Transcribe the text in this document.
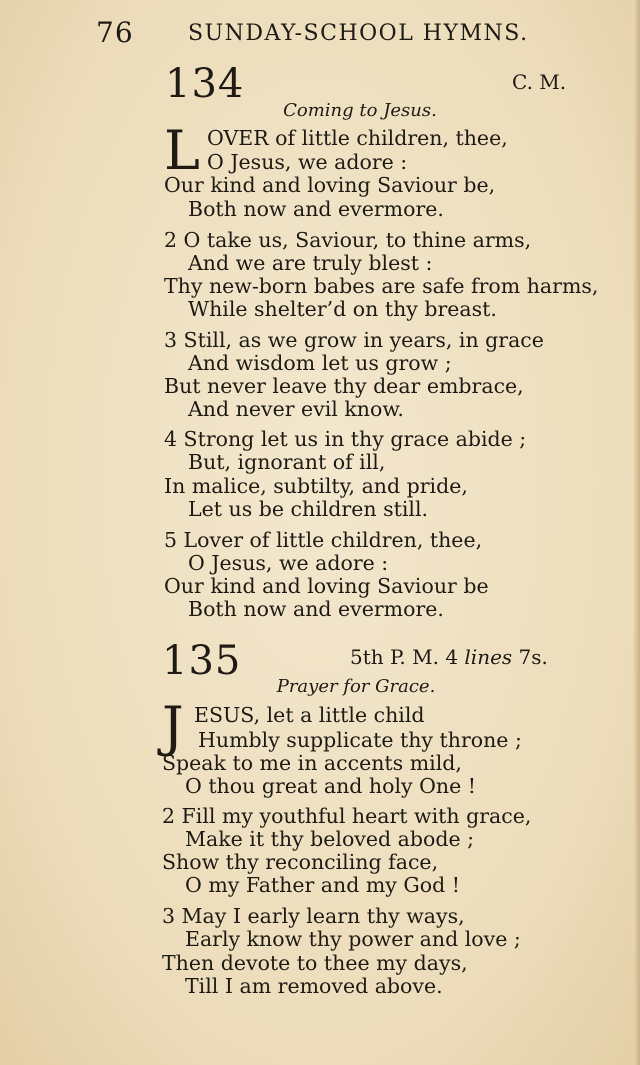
76 SUNDAY-SCHOOL HYMNS.
134	C. M.
Coming to Jesus.
L OVER of little children, thee,
O Jesus, we adore :
Our kind and loving Saviour be,
Both now and evermore.
2 O take us, Saviour, to thine arms,
And we are truly blest :
Thy new-born babes are safe from harms,
While shelter’d on thy breast.
3 Still, as we grow in years, in grace
And wisdom let us grow ;
But never leave thy dear embrace,
And never evil know.
4 Strong let us in thy grace abide ;
But, ignorant of ill,
In malice, subtilty, and pride,
Let us be children still.
5 Lover of little children, thee,
O Jesus, we adore :
Our kind and loving Saviour be
Both now and evermore.
135	5th P. M. 4 lines 7s.
Prayer for Grace.
J ESUS, let a little child
Humbly supplicate thy throne ;
Speak to me in accents mild,
O thou great and holy One !
2 Fill my youthful heart with grace,
Make it thy beloved abode ;
Show thy reconciling face,
O my Father and my God !
3 May I early learn thy ways,
Early know thy power and love ;
Then devote to thee my days,
Till I am removed above.
